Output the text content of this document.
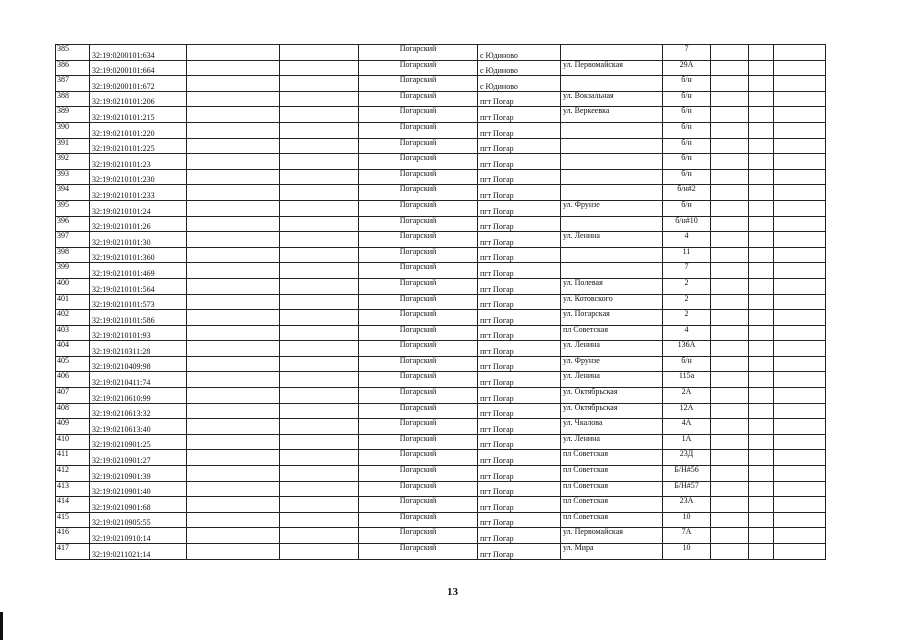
385	32:19:0200101:634			Погарский	с Юдиново		7			
386	32:19:0200101:664			Погарский	с Юдиново	ул. Первомайская	29А			
387	32:19:0200101:672			Погарский	с Юдиново		б/н			
388	32:19:0210101:206			Погарский	пгт Погар	ул. Вокзальная	б/н			
389	32:19:0210101:215			Погарский	пгт Погар	ул. Веркеевка	б/н			
390	32:19:0210101:220			Погарский	пгт Погар		б/н			
391	32:19:0210101:225			Погарский	пгт Погар		б/н			
392	32:19:0210101:23			Погарский	пгт Погар		б/н			
393	32:19:0210101:230			Погарский	пгт Погар		б/н			
394	32:19:0210101:233			Погарский	пгт Погар		б/н#2			
395	32:19:0210101:24			Погарский	пгт Погар	ул. Фрунзе	б/н			
396	32:19:0210101:26			Погарский	пгт Погар		б/н#10			
397	32:19:0210101:30			Погарский	пгт Погар	ул. Ленина	4			
398	32:19:0210101:360			Погарский	пгт Погар		11			
399	32:19:0210101:469			Погарский	пгт Погар		7			
400	32:19:0210101:564			Погарский	пгт Погар	ул. Полевая	2			
401	32:19:0210101:573			Погарский	пгт Погар	ул. Котовского	2			
402	32:19:0210101:586			Погарский	пгт Погар	ул. Погарская	2			
403	32:19:0210101:93			Погарский	пгт Погар	пл Советская	4			
404	32:19:0210311:28			Погарский	пгт Погар	ул. Ленина	136А			
405	32:19:0210409:98			Погарский	пгт Погар	ул. Фрунзе	б/н			
406	32:19:0210411:74			Погарский	пгт Погар	ул. Ленина	115а			
407	32:19:0210610:99			Погарский	пгт Погар	ул. Октябрьская	2А			
408	32:19:0210613:32			Погарский	пгт Погар	ул. Октябрьская	12А			
409	32:19:0210613:40			Погарский	пгт Погар	ул. Чкалова	4А			
410	32:19:0210901:25			Погарский	пгт Погар	ул. Ленина	1А			
411	32:19:0210901:27			Погарский	пгт Погар	пл Советская	23Д			
412	32:19:0210901:39			Погарский	пгт Погар	пл Советская	Б/Н#56			
413	32:19:0210901:40			Погарский	пгт Погар	пл Советская	Б/Н#57			
414	32:19:0210901:68			Погарский	пгт Погар	пл Советская	23А			
415	32:19:0210905:55			Погарский	пгт Погар	пл Советская	10			
416	32:19:0210910:14			Погарский	пгт Погар	ул. Первомайская	7А			
417	32:19:0211021:14			Погарский	пгт Погар	ул. Мира	10			
13
